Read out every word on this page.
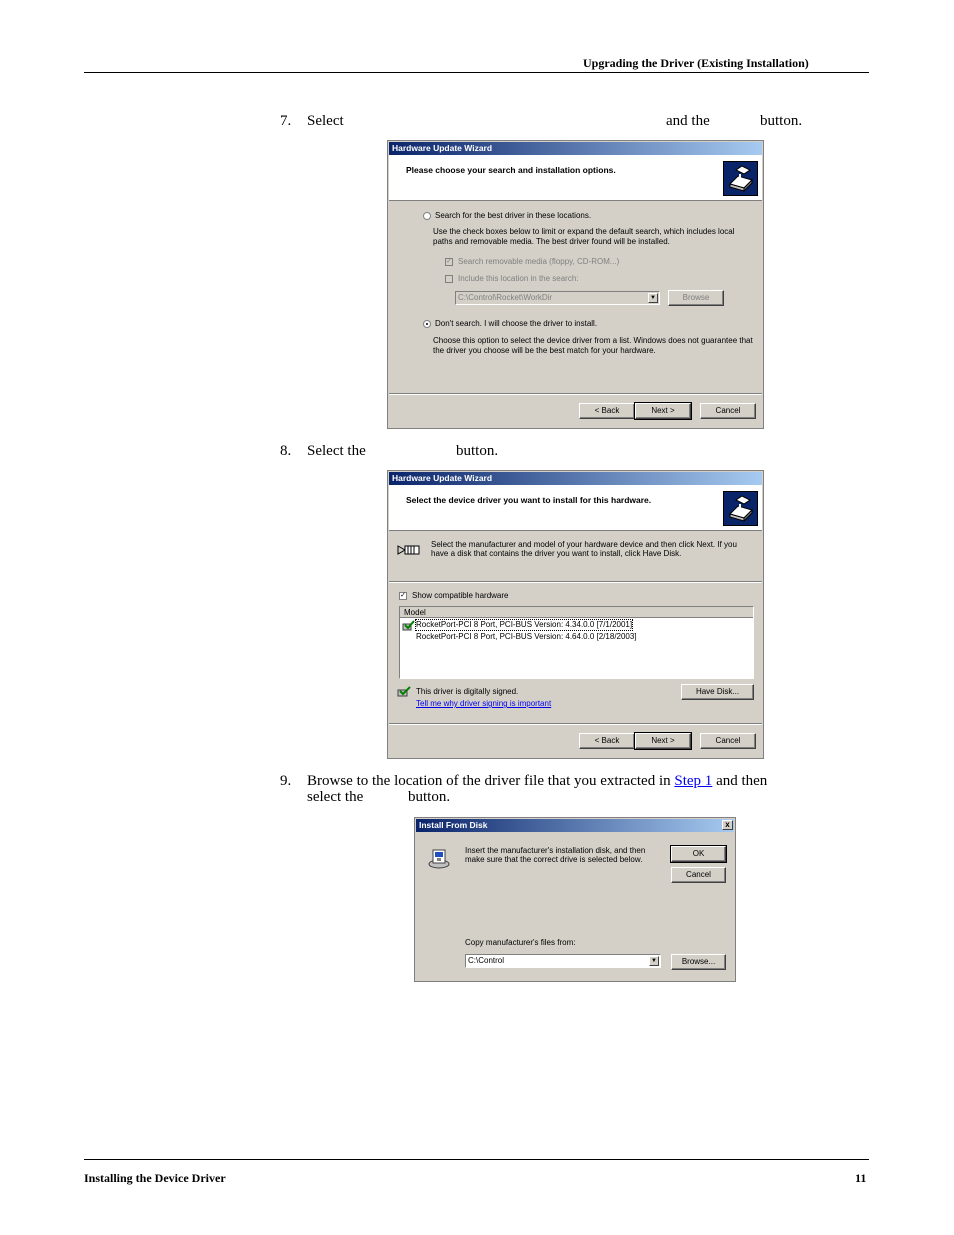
Upgrading the Driver (Existing Installation)
7. Select	and the	button.
Hardware Update Wizard
Please choose your search and installation options.
Search for the best driver in these locations.
Use the check boxes below to limit or expand the default search, which includes local
paths and removable media. The best driver found will be installed.
✓ Search removable media (floppy, CD-ROM...)
Include this location in the search:
C:\Control\Rocket\WorkDir	▼	Browse
Don't search. I will choose the driver to install.
Choose this option to select the device driver from a list. Windows does not guarantee that
the driver you choose will be the best match for your hardware.
< Back	Next >	Cancel
8. Select the	button.
Hardware Update Wizard
Select the device driver you want to install for this hardware.
Select the manufacturer and model of your hardware device and then click Next. If you
have a disk that contains the driver you want to install, click Have Disk.
✓ Show compatible hardware
Model
RocketPort-PCI 8 Port, PCI-BUS Version: 4.34.0.0 [7/1/2001]
RocketPort-PCI 8 Port, PCI-BUS Version: 4.64.0.0 [2/18/2003]
This driver is digitally signed.
Tell me why driver signing is important
Have Disk...
< Back	Next >	Cancel
9. Browse to the location of the driver file that you extracted in Step 1 and then
select the	button.
Install From Disk	x
Insert the manufacturer's installation disk, and then
make sure that the correct drive is selected below.
OK
Cancel
Copy manufacturer's files from:
C:\Control	▼	Browse...
Installing the Device Driver	11
